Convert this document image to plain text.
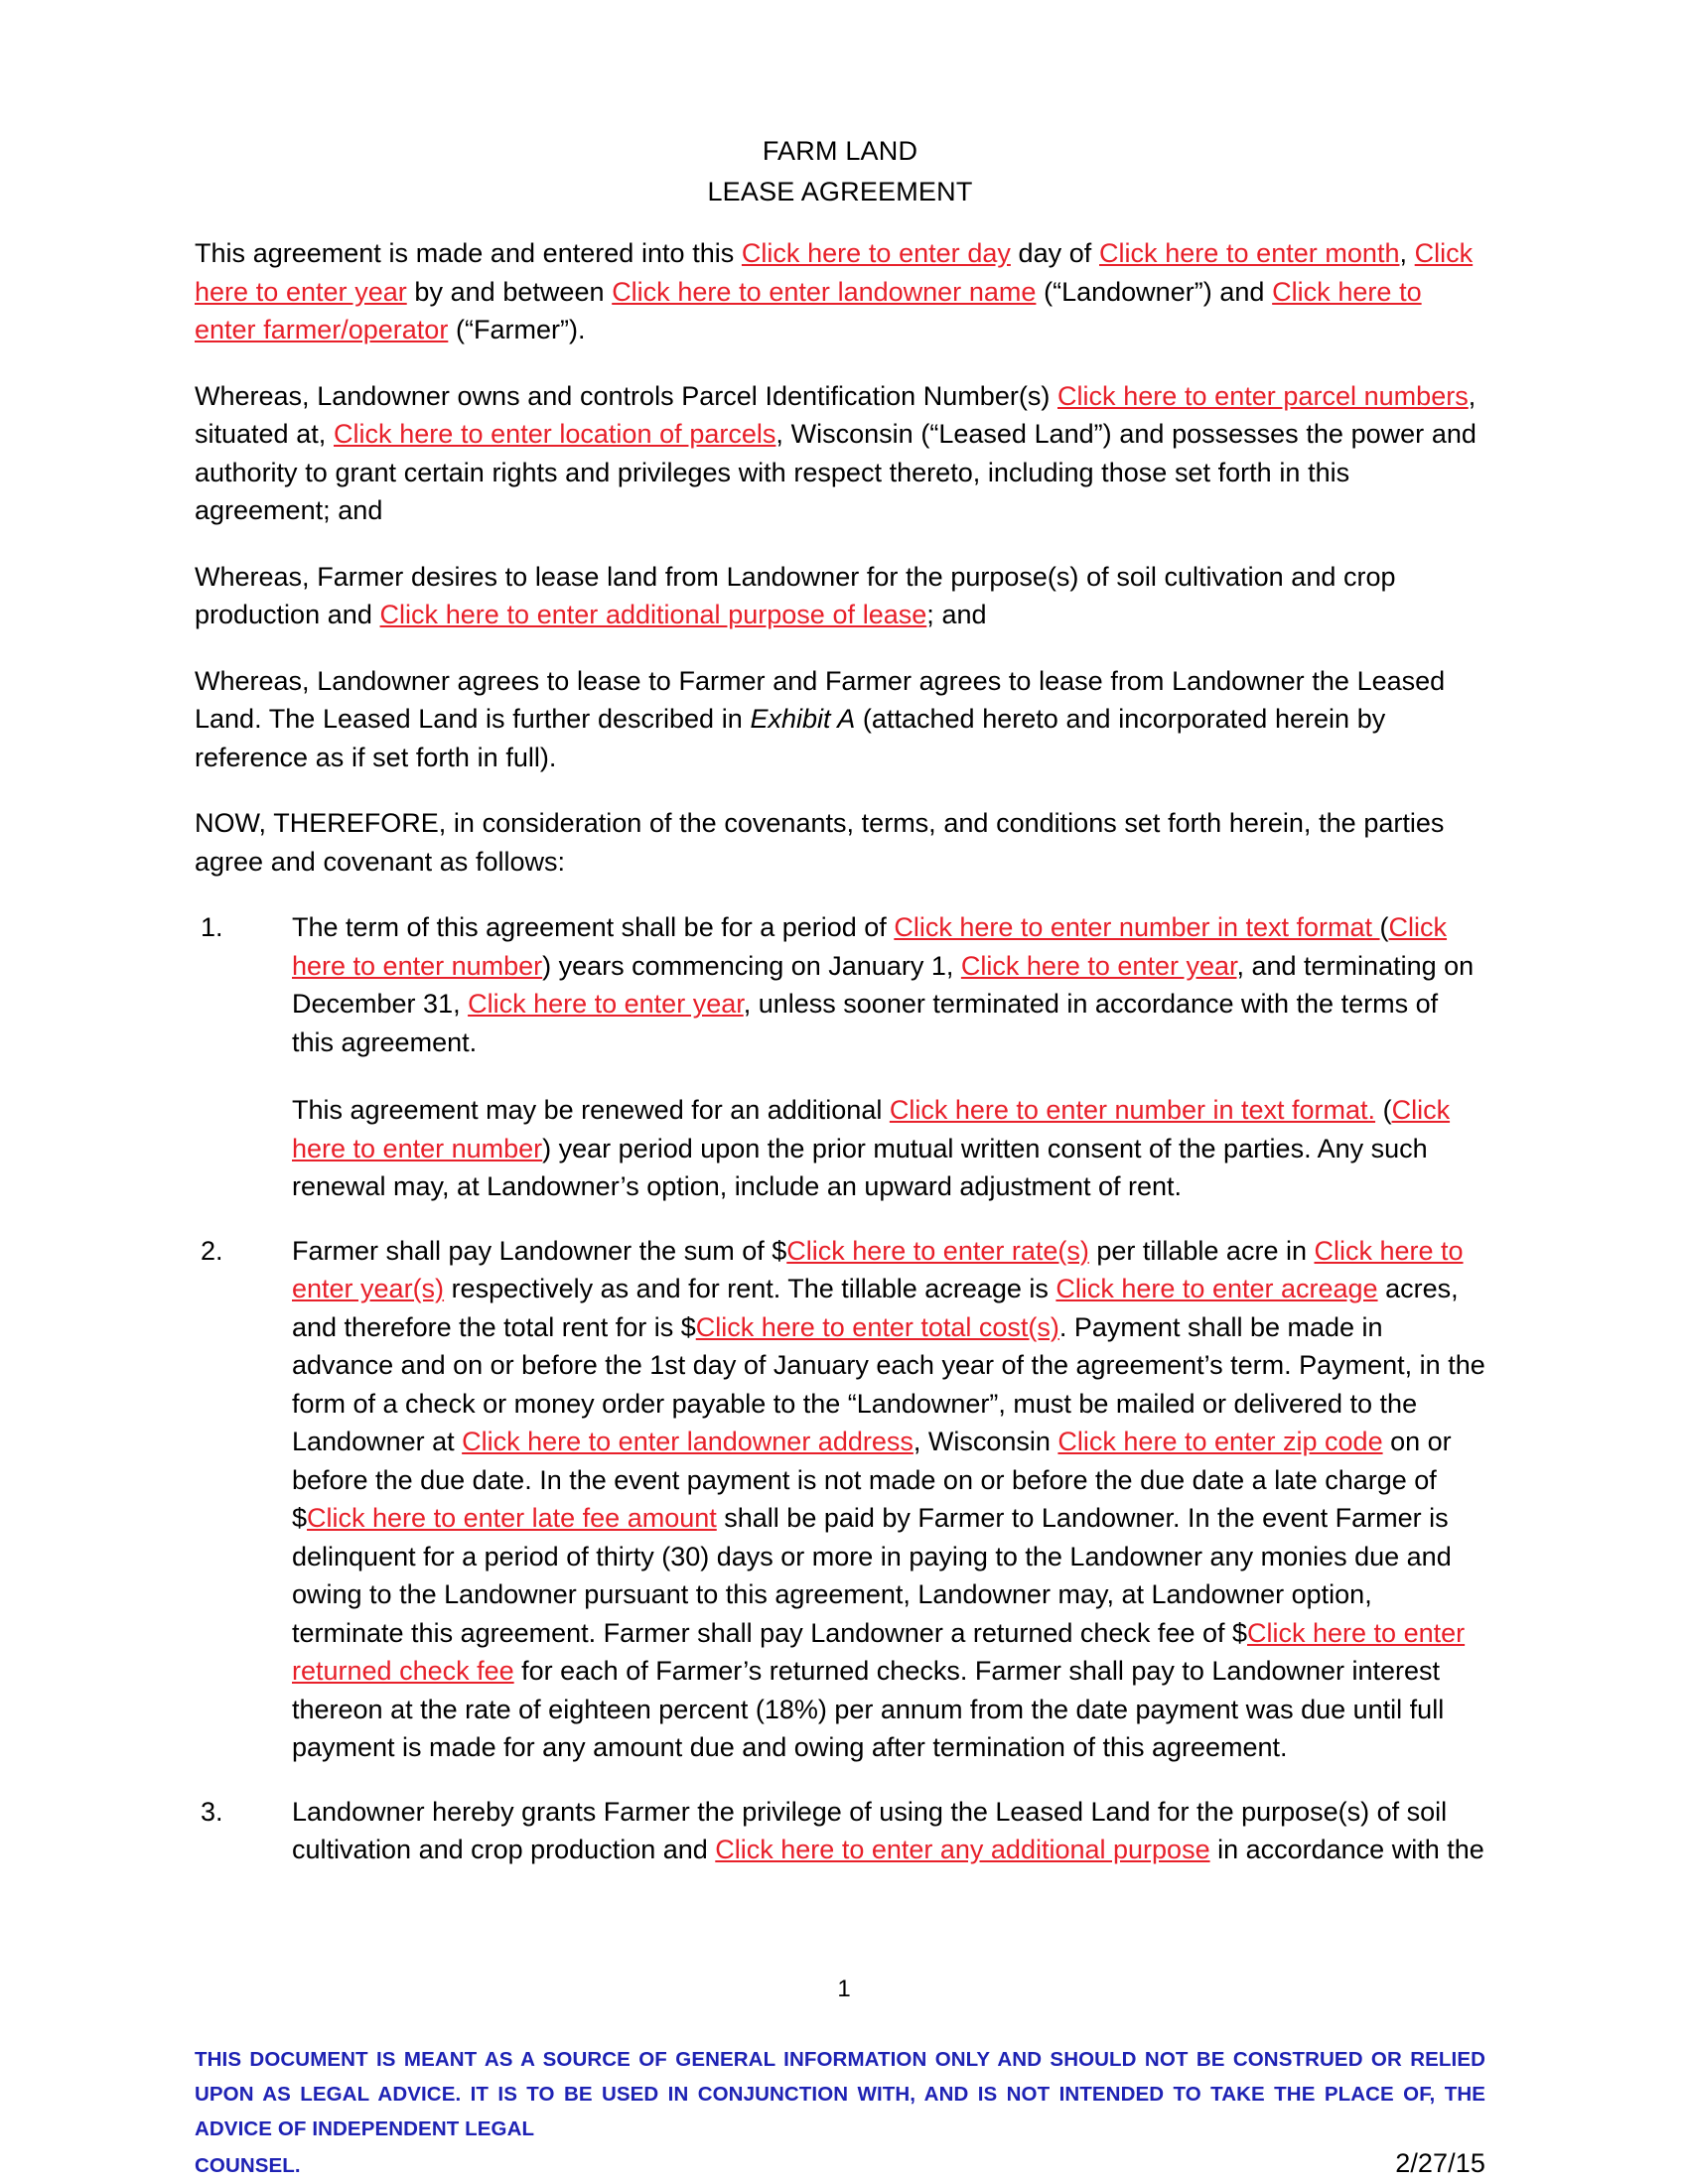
FARM LAND
LEASE AGREEMENT

This agreement is made and entered into this Click here to enter day day of Click here to enter month, Click here to enter year by and between Click here to enter landowner name (“Landowner”) and Click here to enter farmer/operator (“Farmer”).

Whereas, Landowner owns and controls Parcel Identification Number(s) Click here to enter parcel numbers, situated at, Click here to enter location of parcels, Wisconsin (“Leased Land”) and possesses the power and authority to grant certain rights and privileges with respect thereto, including those set forth in this agreement; and

Whereas, Farmer desires to lease land from Landowner for the purpose(s) of soil cultivation and crop production and Click here to enter additional purpose of lease; and

Whereas, Landowner agrees to lease to Farmer and Farmer agrees to lease from Landowner the Leased Land. The Leased Land is further described in Exhibit A (attached hereto and incorporated herein by reference as if set forth in full).

NOW, THEREFORE, in consideration of the covenants, terms, and conditions set forth herein, the parties agree and covenant as follows:

1.	The term of this agreement shall be for a period of Click here to enter number in text format (Click here to enter number) years commencing on January 1, Click here to enter year, and terminating on December 31, Click here to enter year, unless sooner terminated in accordance with the terms of this agreement.

This agreement may be renewed for an additional Click here to enter number in text format. (Click here to enter number) year period upon the prior mutual written consent of the parties. Any such renewal may, at Landowner’s option, include an upward adjustment of rent.

2.	Farmer shall pay Landowner the sum of $Click here to enter rate(s) per tillable acre in Click here to enter year(s) respectively as and for rent. The tillable acreage is Click here to enter acreage acres, and therefore the total rent for is $Click here to enter total cost(s). Payment shall be made in advance and on or before the 1st day of January each year of the agreement’s term. Payment, in the form of a check or money order payable to the “Landowner”, must be mailed or delivered to the Landowner at Click here to enter landowner address, Wisconsin Click here to enter zip code on or before the due date. In the event payment is not made on or before the due date a late charge of $Click here to enter late fee amount shall be paid by Farmer to Landowner. In the event Farmer is delinquent for a period of thirty (30) days or more in paying to the Landowner any monies due and owing to the Landowner pursuant to this agreement, Landowner may, at Landowner option, terminate this agreement. Farmer shall pay Landowner a returned check fee of $Click here to enter returned check fee for each of Farmer’s returned checks. Farmer shall pay to Landowner interest thereon at the rate of eighteen percent (18%) per annum from the date payment was due until full payment is made for any amount due and owing after termination of this agreement.

3.	Landowner hereby grants Farmer the privilege of using the Leased Land for the purpose(s) of soil cultivation and crop production and Click here to enter any additional purpose in accordance with the

1
THIS DOCUMENT IS MEANT AS A SOURCE OF GENERAL INFORMATION ONLY AND SHOULD NOT BE CONSTRUED OR RELIED UPON AS LEGAL ADVICE. IT IS TO BE USED IN CONJUNCTION WITH, AND IS NOT INTENDED TO TAKE THE PLACE OF, THE ADVICE OF INDEPENDENT LEGAL
COUNSEL.	2/27/15
